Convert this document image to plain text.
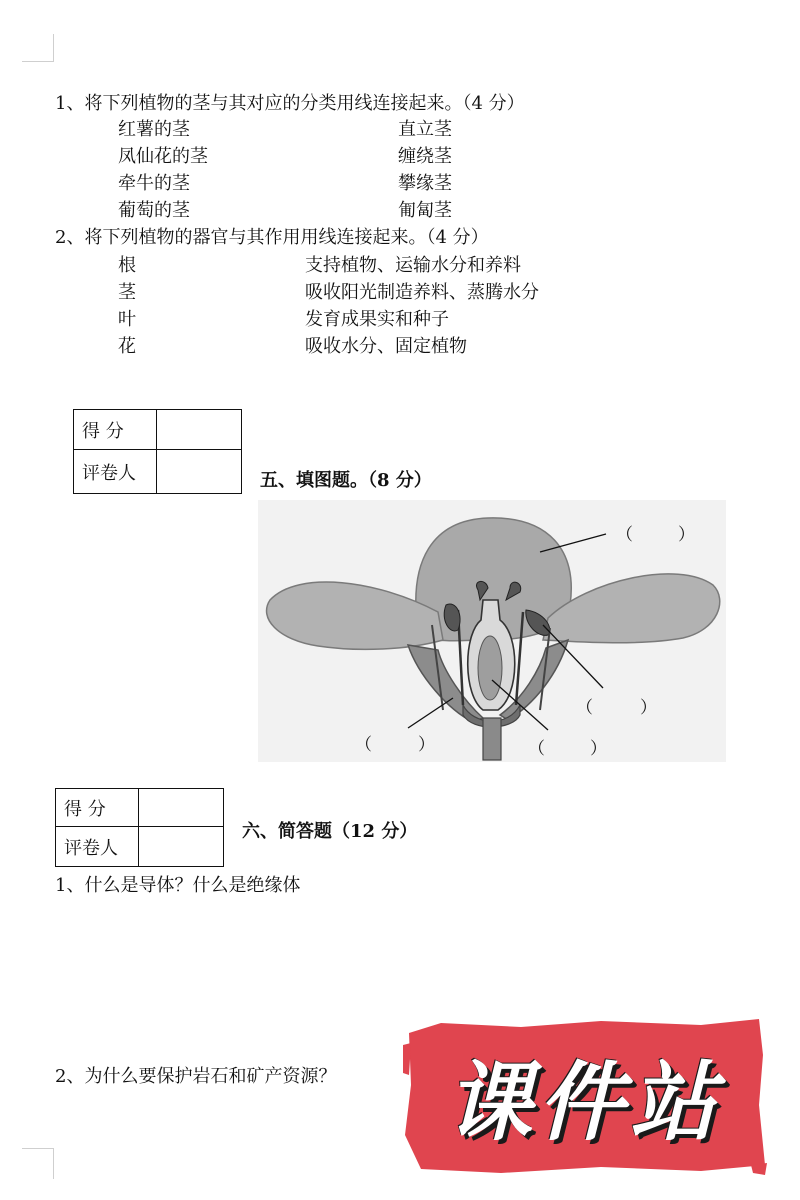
1、将下列植物的茎与其对应的分类用线连接起来。（4 分）
红薯的茎	直立茎
凤仙花的茎	缠绕茎
牵牛的茎	攀缘茎
葡萄的茎	匍匐茎
2、将下列植物的器官与其作用用线连接起来。（4 分）
根	支持植物、运输水分和养料
茎	吸收阳光制造养料、蒸腾水分
叶	发育成果实和种子
花	吸收水分、固定植物
得 分	
评卷人		五、填图题。（8 分）
（	）
（	）
（	）	（	）
得 分	
评卷人	
六、简答题（12 分）
1、什么是导体？什么是绝缘体
2、为什么要保护岩石和矿产资源？	课件站
